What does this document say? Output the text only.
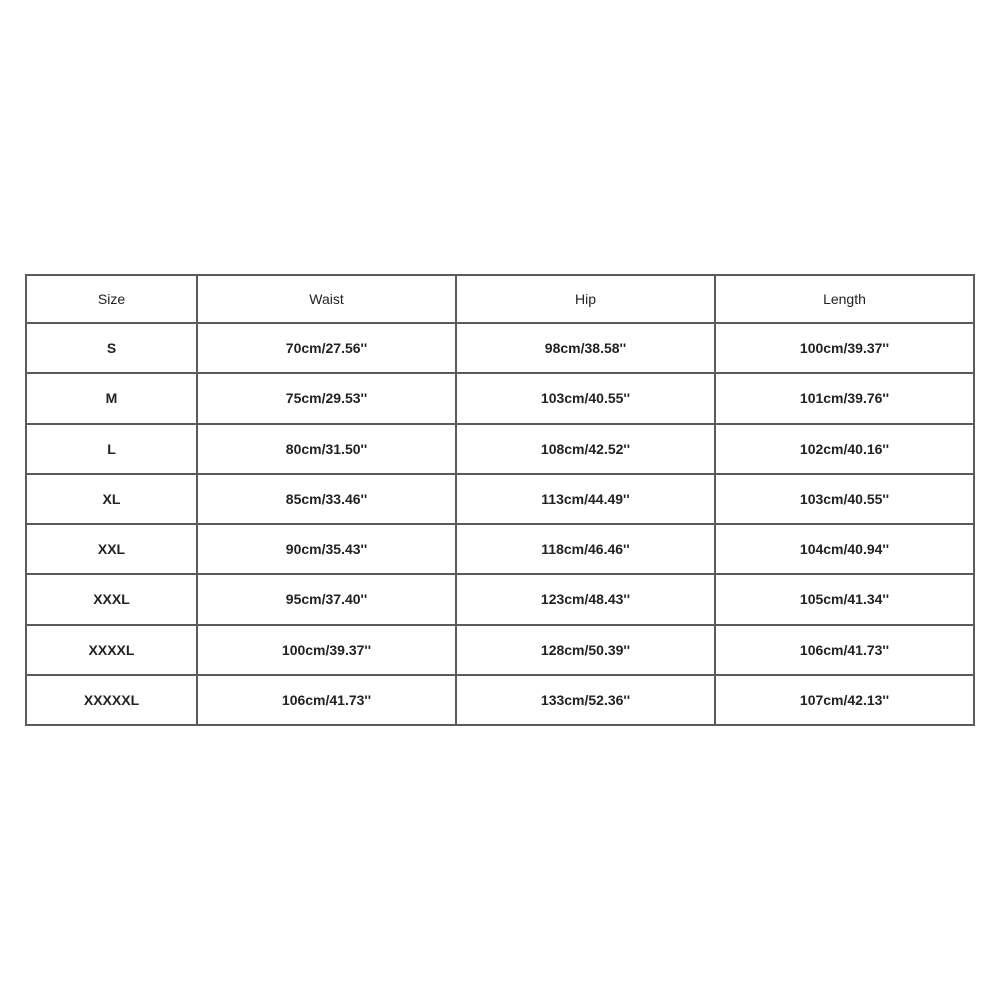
Size	Waist	Hip	Length
S	70cm/27.56''	98cm/38.58''	100cm/39.37''
M	75cm/29.53''	103cm/40.55''	101cm/39.76''
L	80cm/31.50''	108cm/42.52''	102cm/40.16''
XL	85cm/33.46''	113cm/44.49''	103cm/40.55''
XXL	90cm/35.43''	118cm/46.46''	104cm/40.94''
XXXL	95cm/37.40''	123cm/48.43''	105cm/41.34''
XXXXL	100cm/39.37''	128cm/50.39''	106cm/41.73''
XXXXXL	106cm/41.73''	133cm/52.36''	107cm/42.13''
